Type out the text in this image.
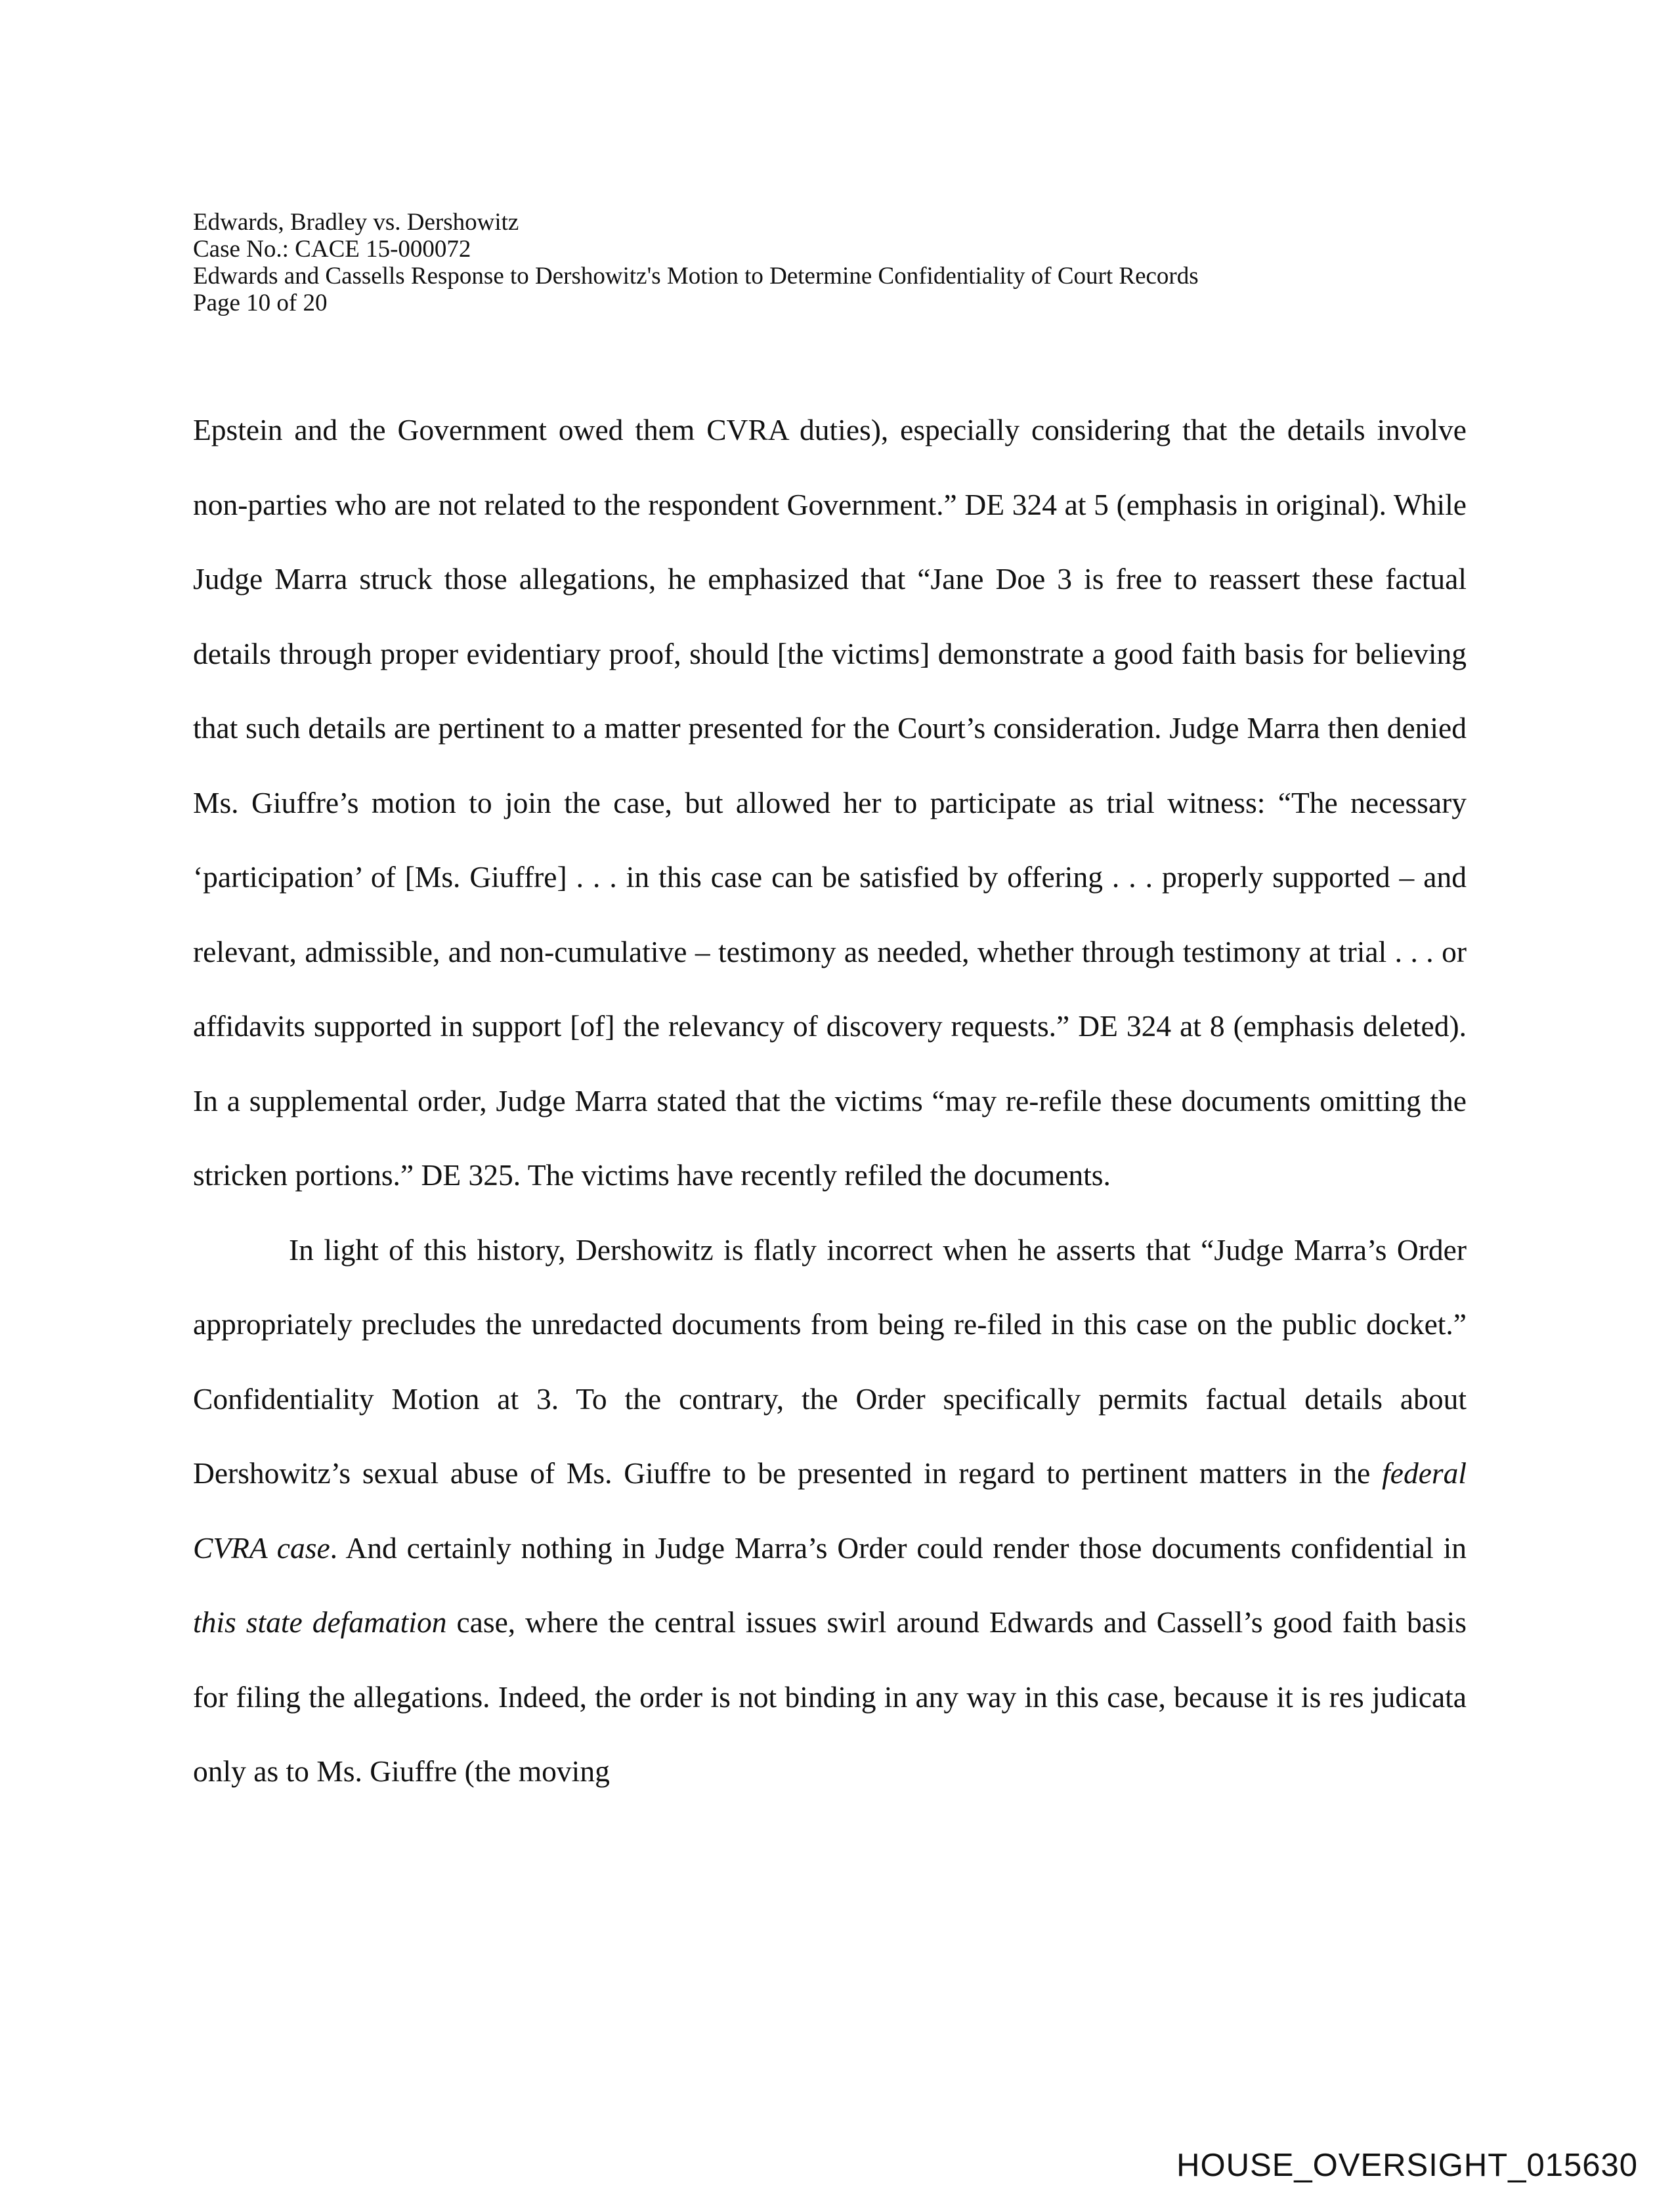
Edwards, Bradley vs. Dershowitz
Case No.: CACE 15-000072
Edwards and Cassells Response to Dershowitz's Motion to Determine Confidentiality of Court Records
Page 10 of 20

Epstein and the Government owed them CVRA duties), especially considering that the details involve non-parties who are not related to the respondent Government.” DE 324 at 5 (emphasis in original). While Judge Marra struck those allegations, he emphasized that “Jane Doe 3 is free to reassert these factual details through proper evidentiary proof, should [the victims] demonstrate a good faith basis for believing that such details are pertinent to a matter presented for the Court’s consideration. Judge Marra then denied Ms. Giuffre’s motion to join the case, but allowed her to participate as trial witness: “The necessary ‘participation’ of [Ms. Giuffre] . . . in this case can be satisfied by offering . . . properly supported – and relevant, admissible, and non-cumulative – testimony as needed, whether through testimony at trial . . . or affidavits supported in support [of] the relevancy of discovery requests.” DE 324 at 8 (emphasis deleted). In a supplemental order, Judge Marra stated that the victims “may re-refile these documents omitting the stricken portions.” DE 325. The victims have recently refiled the documents.

In light of this history, Dershowitz is flatly incorrect when he asserts that “Judge Marra’s Order appropriately precludes the unredacted documents from being re-filed in this case on the public docket.” Confidentiality Motion at 3. To the contrary, the Order specifically permits factual details about Dershowitz’s sexual abuse of Ms. Giuffre to be presented in regard to pertinent matters in the federal CVRA case. And certainly nothing in Judge Marra’s Order could render those documents confidential in this state defamation case, where the central issues swirl around Edwards and Cassell’s good faith basis for filing the allegations. Indeed, the order is not binding in any way in this case, because it is res judicata only as to Ms. Giuffre (the moving

HOUSE_OVERSIGHT_015630
